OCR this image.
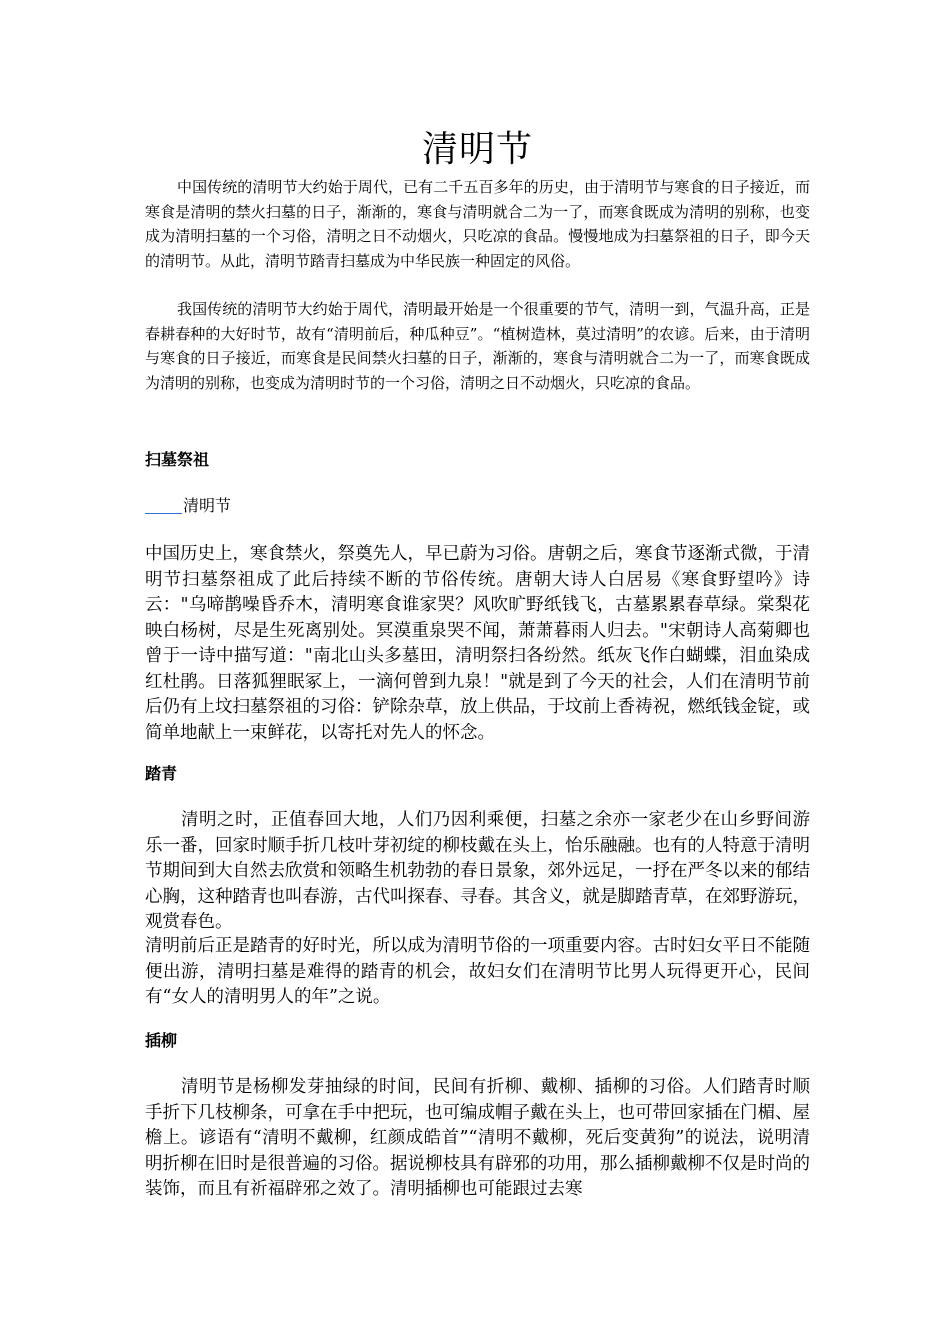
清明节

中国传统的清明节大约始于周代，已有二千五百多年的历史，由于清明节与寒食的日子接近，而寒食是清明的禁火扫墓的日子，渐渐的，寒食与清明就合二为一了，而寒食既成为清明的别称，也变成为清明扫墓的一个习俗，清明之日不动烟火，只吃凉的食品。慢慢地成为扫墓祭祖的日子，即今天的清明节。从此，清明节踏青扫墓成为中华民族一种固定的风俗。

我国传统的清明节大约始于周代，清明最开始是一个很重要的节气，清明一到，气温升高，正是春耕春种的大好时节，故有“清明前后，种瓜种豆”。“植树造林，莫过清明”的农谚。后来，由于清明与寒食的日子接近，而寒食是民间禁火扫墓的日子，渐渐的，寒食与清明就合二为一了，而寒食既成为清明的别称，也变成为清明时节的一个习俗，清明之日不动烟火，只吃凉的食品。

扫墓祭祖
清明节

中国历史上，寒食禁火，祭奠先人，早已蔚为习俗。唐朝之后，寒食节逐渐式微，于清明节扫墓祭祖成了此后持续不断的节俗传统。唐朝大诗人白居易《寒食野望吟》诗云："乌啼鹊噪昏乔木，清明寒食谁家哭？风吹旷野纸钱飞，古墓累累春草绿。棠梨花映白杨树，尽是生死离别处。冥漠重泉哭不闻，萧萧暮雨人归去。"宋朝诗人高菊卿也曾于一诗中描写道："南北山头多墓田，清明祭扫各纷然。纸灰飞作白蝴蝶，泪血染成红杜鹃。日落狐狸眠冢上，一滴何曾到九泉！"就是到了今天的社会，人们在清明节前后仍有上坟扫墓祭祖的习俗：铲除杂草，放上供品，于坟前上香祷祝，燃纸钱金锭，或简单地献上一束鲜花，以寄托对先人的怀念。

踏青

清明之时，正值春回大地，人们乃因利乘便，扫墓之余亦一家老少在山乡野间游乐一番，回家时顺手折几枝叶芽初绽的柳枝戴在头上，怡乐融融。也有的人特意于清明节期间到大自然去欣赏和领略生机勃勃的春日景象，郊外远足，一抒在严冬以来的郁结心胸，这种踏青也叫春游，古代叫探春、寻春。其含义，就是脚踏青草，在郊野游玩，观赏春色。

清明前后正是踏青的好时光，所以成为清明节俗的一项重要内容。古时妇女平日不能随便出游，清明扫墓是难得的踏青的机会，故妇女们在清明节比男人玩得更开心，民间有“女人的清明男人的年”之说。

插柳

清明节是杨柳发芽抽绿的时间，民间有折柳、戴柳、插柳的习俗。人们踏青时顺手折下几枝柳条，可拿在手中把玩，也可编成帽子戴在头上，也可带回家插在门楣、屋檐上。谚语有“清明不戴柳，红颜成皓首”“清明不戴柳，死后变黄狗”的说法，说明清明折柳在旧时是很普遍的习俗。据说柳枝具有辟邪的功用，那么插柳戴柳不仅是时尚的装饰，而且有祈福辟邪之效了。清明插柳也可能跟过去寒
